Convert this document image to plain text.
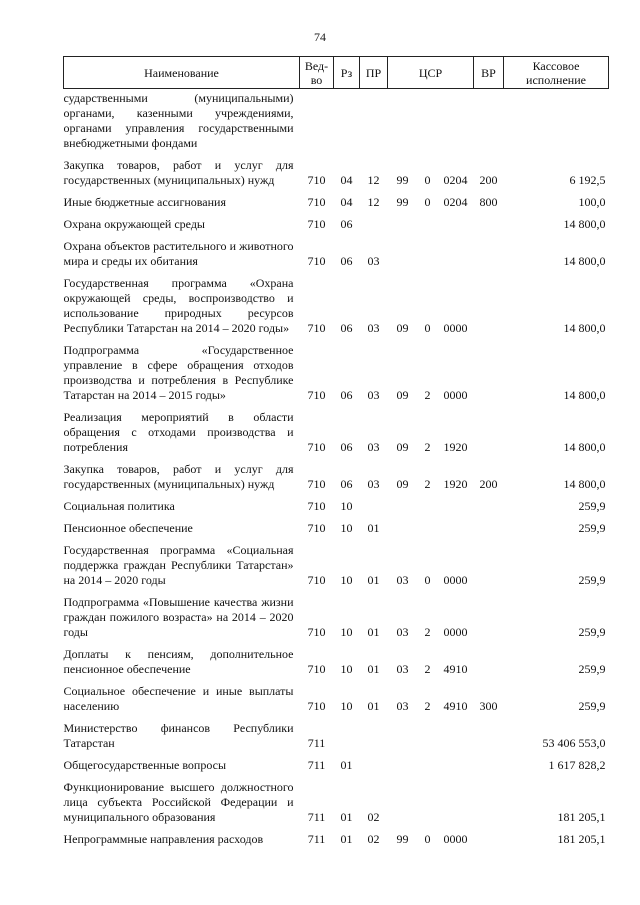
74
Наименование	Вед-во	Рз	ПР	ЦСР			ВР	Кассовое исполнение
сударственными (муниципальными) органами, казенными учреждениями, органами управления государственными внебюджетными фондами								
Закупка товаров, работ и услуг для государственных (муниципальных) нужд	710	04	12	99	0	0204	200	6 192,5
Иные бюджетные ассигнования	710	04	12	99	0	0204	800	100,0
Охрана окружающей среды	710	06						14 800,0
Охрана объектов растительного и животного мира и среды их обитания	710	06	03					14 800,0
Государственная программа «Охрана окружающей среды, воспроизводство и использование природных ресурсов Республики Татарстан на 2014 – 2020 годы»	710	06	03	09	0	0000		14 800,0
Подпрограмма «Государственное управление в сфере обращения отходов производства и потребления в Республике Татарстан на 2014 – 2015 годы»	710	06	03	09	2	0000		14 800,0
Реализация мероприятий в области обращения с отходами производства и потребления	710	06	03	09	2	1920		14 800,0
Закупка товаров, работ и услуг для государственных (муниципальных) нужд	710	06	03	09	2	1920	200	14 800,0
Социальная политика	710	10						259,9
Пенсионное обеспечение	710	10	01					259,9
Государственная программа «Социальная поддержка граждан Республики Татарстан» на 2014 – 2020 годы	710	10	01	03	0	0000		259,9
Подпрограмма «Повышение качества жизни граждан пожилого возраста» на 2014 – 2020 годы	710	10	01	03	2	0000		259,9
Доплаты к пенсиям, дополнительное пенсионное обеспечение	710	10	01	03	2	4910		259,9
Социальное обеспечение и иные выплаты населению	710	10	01	03	2	4910	300	259,9
Министерство финансов Республики Татарстан	711							53 406 553,0
Общегосударственные вопросы	711	01						1 617 828,2
Функционирование высшего должностного лица субъекта Российской Федерации и муниципального образования	711	01	02					181 205,1
Непрограммные направления расходов	711	01	02	99	0	0000		181 205,1
